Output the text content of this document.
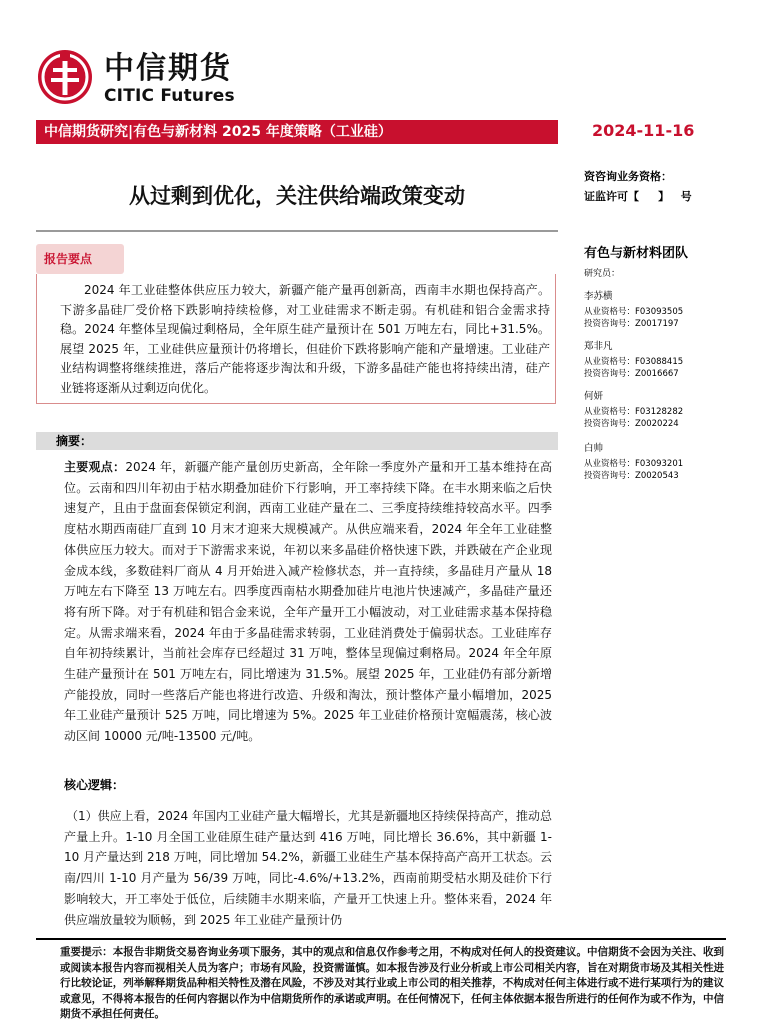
中信期货
CITIC Futures
中信期货研究|有色与新材料 2025 年度策略（工业硅）	2024-11-16
从过剩到优化，关注供给端政策变动
资咨询业务资格：
证监许可【     】   号
报告要点
2024 年工业硅整体供应压力较大，新疆产能产量再创新高，西南丰水期也保持高产。下游多晶硅厂受价格下跌影响持续检修，对工业硅需求不断走弱。有机硅和铝合金需求持稳。2024 年整体呈现偏过剩格局，全年原生硅产量预计在 501 万吨左右，同比+31.5%。展望 2025 年，工业硅供应量预计仍将增长，但硅价下跌将影响产能和产量增速。工业硅产业结构调整将继续推进，落后产能将逐步淘汰和升级，下游多晶硅产能也将持续出清，硅产业链将逐渐从过剩迈向优化。
有色与新材料团队
研究员：
李苏横
从业资格号：F03093505
投资咨询号：Z0017197
郑非凡
从业资格号：F03088415
投资咨询号：Z0016667
何妍
从业资格号：F03128282
投资咨询号：Z0020224
白帅
从业资格号：F03093201
投资咨询号：Z0020543
摘要：
主要观点：2024 年，新疆产能产量创历史新高，全年除一季度外产量和开工基本维持在高位。云南和四川年初由于枯水期叠加硅价下行影响，开工率持续下降。在丰水期来临之后快速复产，且由于盘面套保锁定利润，西南工业硅产量在二、三季度持续维持较高水平。四季度枯水期西南硅厂直到 10 月末才迎来大规模减产。从供应端来看，2024 年全年工业硅整体供应压力较大。而对于下游需求来说，年初以来多晶硅价格快速下跌，并跌破在产企业现金成本线，多数硅料厂商从 4 月开始进入减产检修状态，并一直持续，多晶硅月产量从 18 万吨左右下降至 13 万吨左右。四季度西南枯水期叠加硅片电池片快速减产，多晶硅产量还将有所下降。对于有机硅和铝合金来说，全年产量开工小幅波动，对工业硅需求基本保持稳定。从需求端来看，2024 年由于多晶硅需求转弱，工业硅消费处于偏弱状态。工业硅库存自年初持续累计，当前社会库存已经超过 31 万吨，整体呈现偏过剩格局。2024 年全年原生硅产量预计在 501 万吨左右，同比增速为 31.5%。展望 2025 年，工业硅仍有部分新增产能投放，同时一些落后产能也将进行改造、升级和淘汰，预计整体产量小幅增加，2025 年工业硅产量预计 525 万吨，同比增速为 5%。2025 年工业硅价格预计宽幅震荡，核心波动区间 10000 元/吨-13500 元/吨。
核心逻辑：
（1）供应上看，2024 年国内工业硅产量大幅增长，尤其是新疆地区持续保持高产，推动总产量上升。1-10 月全国工业硅原生硅产量达到 416 万吨，同比增长 36.6%，其中新疆 1-10 月产量达到 218 万吨，同比增加 54.2%，新疆工业硅生产基本保持高产高开工状态。云南/四川 1-10 月产量为 56/39 万吨，同比-4.6%/+13.2%，西南前期受枯水期及硅价下行影响较大，开工率处于低位，后续随丰水期来临，产量开工快速上升。整体来看，2024 年供应端放量较为顺畅，到 2025 年工业硅产量预计仍
重要提示：本报告非期货交易咨询业务项下服务，其中的观点和信息仅作参考之用，不构成对任何人的投资建议。中信期货不会因为关注、收到或阅读本报告内容而视相关人员为客户；市场有风险，投资需谨慎。如本报告涉及行业分析或上市公司相关内容，旨在对期货市场及其相关性进行比较论证，列举解释期货品种相关特性及潜在风险，不涉及对其行业或上市公司的相关推荐，不构成对任何主体进行或不进行某项行为的建议或意见，不得将本报告的任何内容据以作为中信期货所作的承诺或声明。在任何情况下，任何主体依据本报告所进行的任何作为或不作为，中信期货不承担任何责任。
